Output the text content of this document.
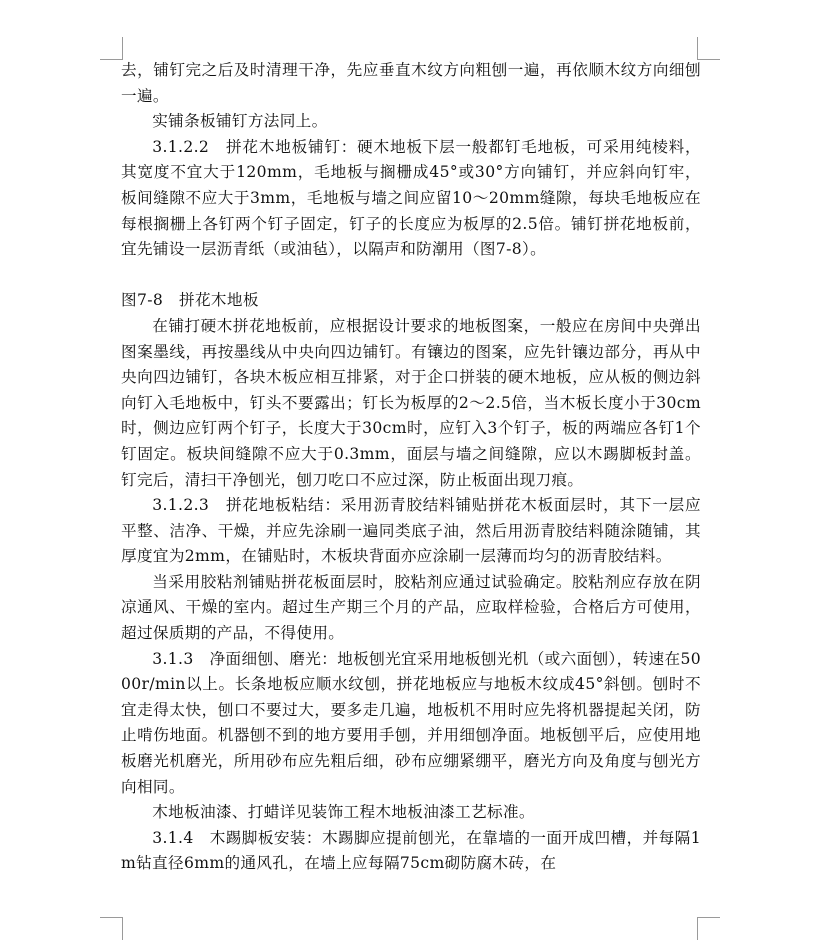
去，铺钉完之后及时清理干净，先应垂直木纹方向粗刨一遍，再依顺木纹方向细刨一遍。

实铺条板铺钉方法同上。

3.1.2.2　拼花木地板铺钉：硬木地板下层一般都钉毛地板，可采用纯棱料，其宽度不宜大于120mm，毛地板与搁栅成45°或30°方向铺钉，并应斜向钉牢，板间缝隙不应大于3mm，毛地板与墙之间应留10～20mm缝隙，每块毛地板应在每根搁栅上各钉两个钉子固定，钉子的长度应为板厚的2.5倍。铺钉拼花地板前，宜先铺设一层沥青纸（或油毡），以隔声和防潮用（图7-8）。

图7-8　拼花木地板

在铺打硬木拼花地板前，应根据设计要求的地板图案，一般应在房间中央弹出图案墨线，再按墨线从中央向四边铺钉。有镶边的图案，应先针镶边部分，再从中央向四边铺钉，各块木板应相互排紧，对于企口拼装的硬木地板，应从板的侧边斜向钉入毛地板中，钉头不要露出；钉长为板厚的2～2.5倍，当木板长度小于30cm时，侧边应钉两个钉子，长度大于30cm时，应钉入3个钉子，板的两端应各钉1个钉固定。板块间缝隙不应大于0.3mm，面层与墙之间缝隙，应以木踢脚板封盖。钉完后，清扫干净刨光，刨刀吃口不应过深，防止板面出现刀痕。

3.1.2.3　拼花地板粘结：采用沥青胶结料铺贴拼花木板面层时，其下一层应平整、洁净、干燥，并应先涂刷一遍同类底子油，然后用沥青胶结料随涂随铺，其厚度宜为2mm，在铺贴时，木板块背面亦应涂刷一层薄而均匀的沥青胶结料。

当采用胶粘剂铺贴拼花板面层时，胶粘剂应通过试验确定。胶粘剂应存放在阴凉通风、干燥的室内。超过生产期三个月的产品，应取样检验，合格后方可使用，超过保质期的产品，不得使用。

3.1.3　净面细刨、磨光：地板刨光宜采用地板刨光机（或六面刨），转速在5000r/min以上。长条地板应顺水纹刨，拼花地板应与地板木纹成45°斜刨。刨时不宜走得太快，刨口不要过大，要多走几遍，地板机不用时应先将机器提起关闭，防止啃伤地面。机器刨不到的地方要用手刨，并用细刨净面。地板刨平后，应使用地板磨光机磨光，所用砂布应先粗后细，砂布应绷紧绷平，磨光方向及角度与刨光方向相同。

木地板油漆、打蜡详见装饰工程木地板油漆工艺标准。

3.1.4　木踢脚板安装：木踢脚应提前刨光，在靠墙的一面开成凹槽，并每隔1m钻直径6mm的通风孔，在墙上应每隔75cm砌防腐木砖，在
